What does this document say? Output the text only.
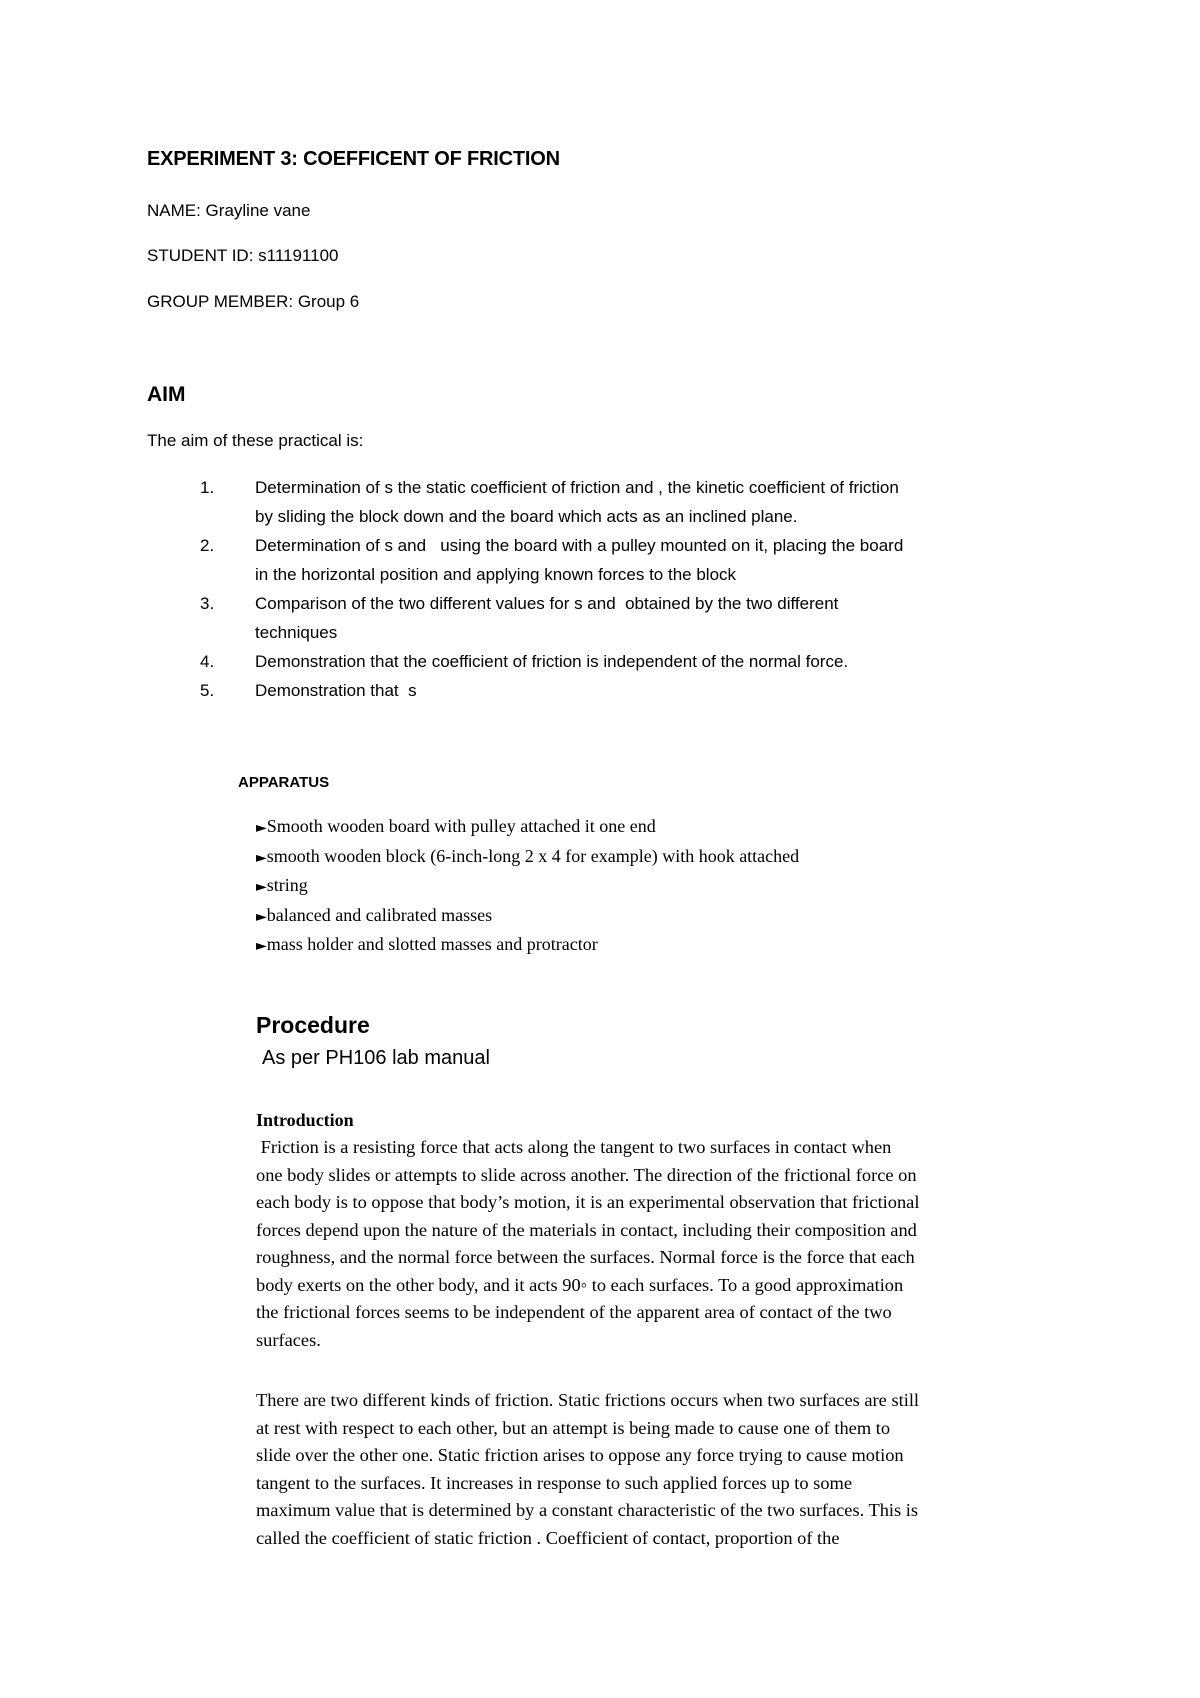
EXPERIMENT 3: COEFFICENT OF FRICTION
NAME: Grayline vane
STUDENT ID: s11191100
GROUP MEMBER: Group 6
AIM
The aim of these practical is:
1.	Determination of s the static coefficient of friction and , the kinetic coefficient of friction
by sliding the block down and the board which acts as an inclined plane.
2.	Determination of s and   using the board with a pulley mounted on it, placing the board
in the horizontal position and applying known forces to the block
3.	Comparison of the two different values for s and  obtained by the two different
techniques
4.	Demonstration that the coefficient of friction is independent of the normal force.
5.	Demonstration that  s
APPARATUS
►Smooth wooden board with pulley attached it one end
►smooth wooden block (6-inch-long 2 x 4 for example) with hook attached
►string
►balanced and calibrated masses
►mass holder and slotted masses and protractor
Procedure
As per PH106 lab manual
Introduction
Friction is a resisting force that acts along the tangent to two surfaces in contact when
one body slides or attempts to slide across another. The direction of the frictional force on
each body is to oppose that body’s motion, it is an experimental observation that frictional
forces depend upon the nature of the materials in contact, including their composition and
roughness, and the normal force between the surfaces. Normal force is the force that each
body exerts on the other body, and it acts 90◦ to each surfaces. To a good approximation
the frictional forces seems to be independent of the apparent area of contact of the two
surfaces.
There are two different kinds of friction. Static frictions occurs when two surfaces are still
at rest with respect to each other, but an attempt is being made to cause one of them to
slide over the other one. Static friction arises to oppose any force trying to cause motion
tangent to the surfaces. It increases in response to such applied forces up to some
maximum value that is determined by a constant characteristic of the two surfaces. This is
called the coefficient of static friction . Coefficient of contact, proportion of the
